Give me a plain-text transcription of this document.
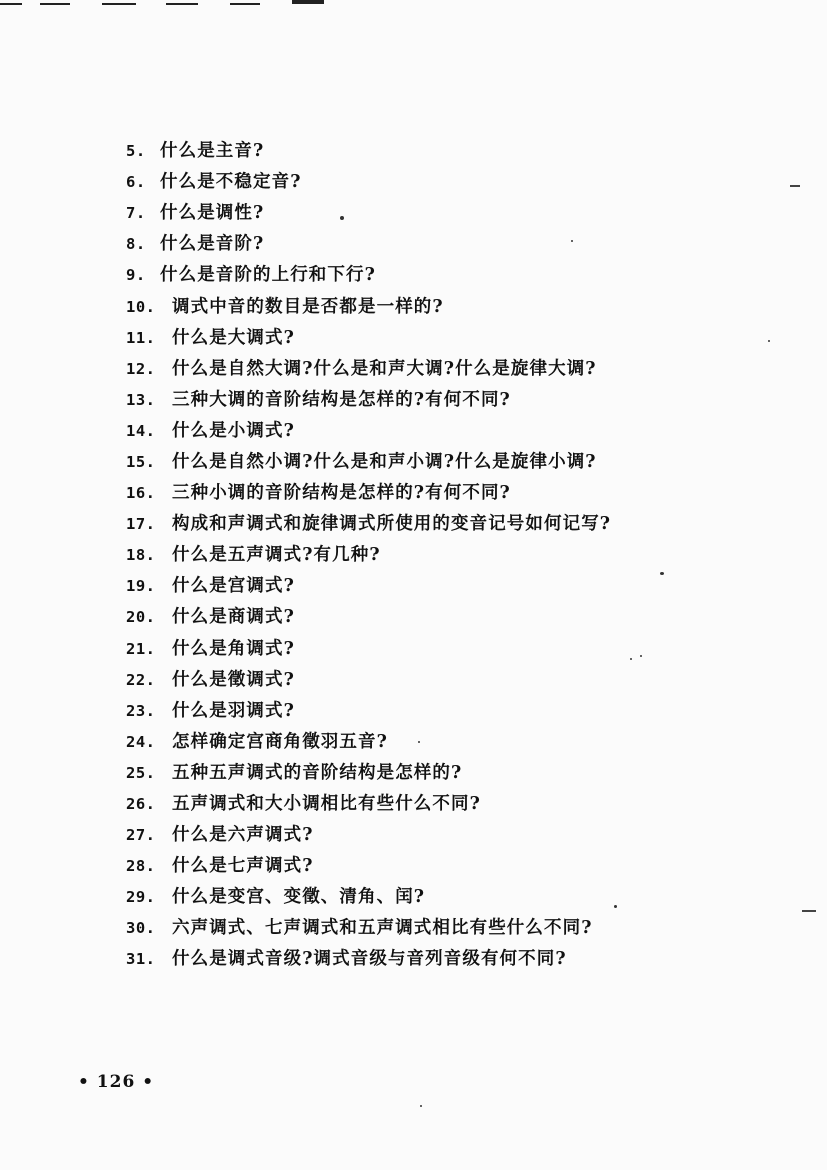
5. 什么是主音?
6. 什么是不稳定音?
7. 什么是调性?
8. 什么是音阶?
9. 什么是音阶的上行和下行?
10. 调式中音的数目是否都是一样的?
11. 什么是大调式?
12. 什么是自然大调?什么是和声大调?什么是旋律大调?
13. 三种大调的音阶结构是怎样的?有何不同?
14. 什么是小调式?
15. 什么是自然小调?什么是和声小调?什么是旋律小调?
16. 三种小调的音阶结构是怎样的?有何不同?
17. 构成和声调式和旋律调式所使用的变音记号如何记写?
18. 什么是五声调式?有几种?
19. 什么是宫调式?
20. 什么是商调式?
21. 什么是角调式?
22. 什么是徵调式?
23. 什么是羽调式?
24. 怎样确定宫商角徵羽五音?
25. 五种五声调式的音阶结构是怎样的?
26. 五声调式和大小调相比有些什么不同?
27. 什么是六声调式?
28. 什么是七声调式?
29. 什么是变宫、变徵、清角、闰?
30. 六声调式、七声调式和五声调式相比有些什么不同?
31. 什么是调式音级?调式音级与音列音级有何不同?
• 126 •
